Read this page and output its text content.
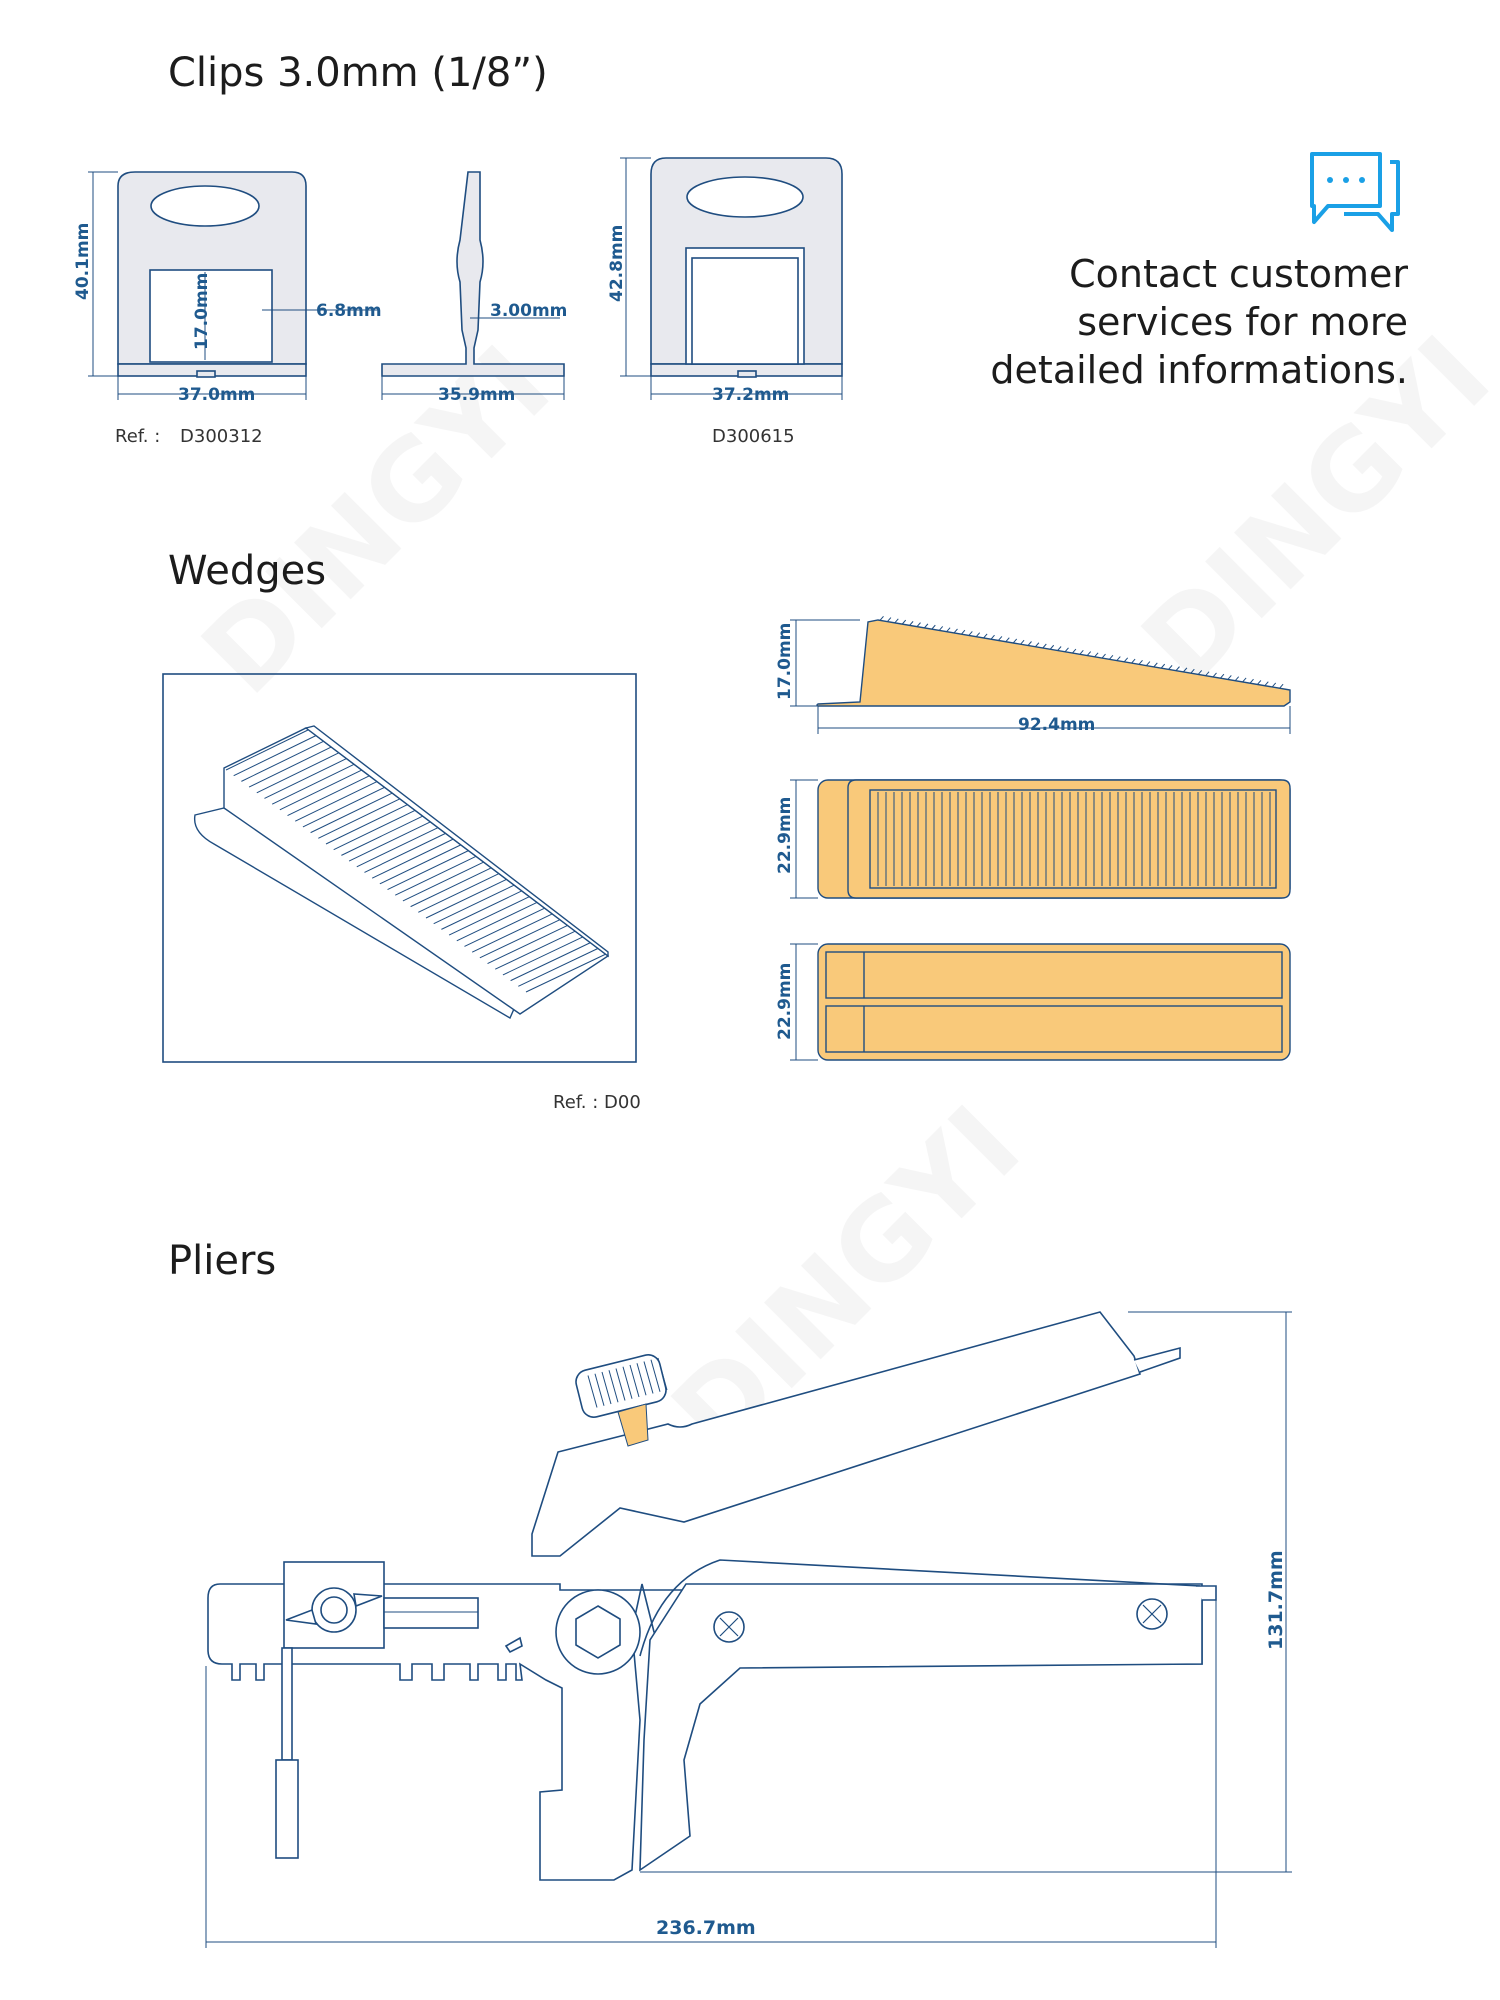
Clips 3.0mm (1/8”)
Wedges
Pliers
Contact customer
services for more
detailed informations.
Ref. : D300312	D300615
Ref. : D00
40.1mm
17.0mm	6.8mm
37.0mm
3.00mm
35.9mm
42.8mm
37.2mm
17.0mm
92.4mm
22.9mm
22.9mm
131.7mm
236.7mm
